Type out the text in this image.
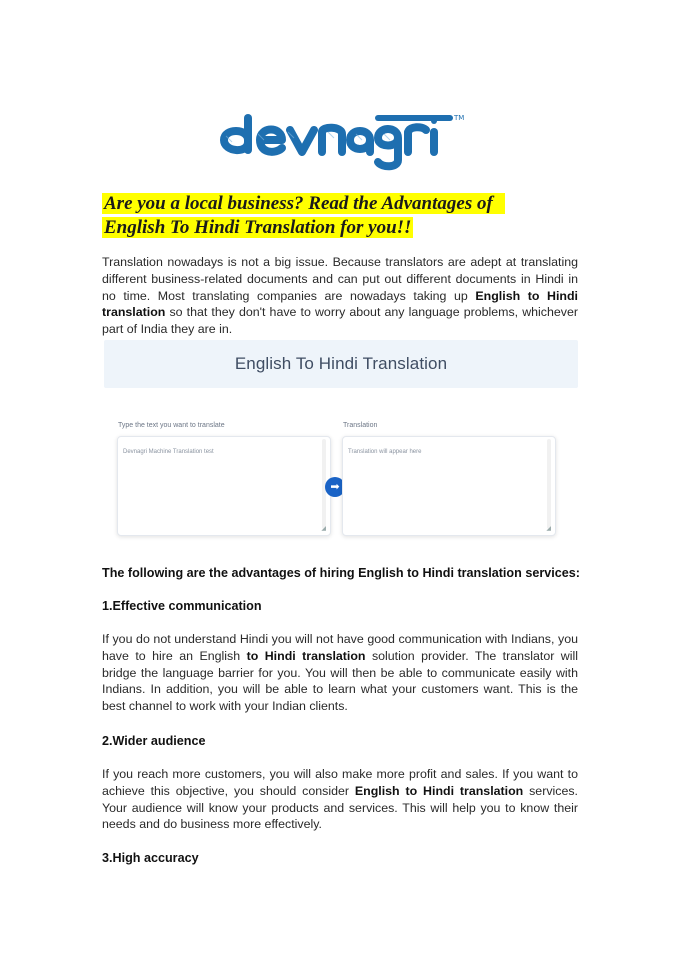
TM
Are you a local business? Read the Advantages of
English To Hindi Translation for you!!
Translation nowadays is not a big issue. Because translators are adept at translating different business-related documents and can put out different documents in Hindi in no time. Most translating companies are nowadays taking up English to Hindi translation so that they don't have to worry about any language problems, whichever part of India they are in.
English To Hindi Translation
Type the text you want to translate
Devnagri Machine Translation test
◢
➡
Translation
Translation will appear here
◢
The following are the advantages of hiring English to Hindi translation services:
1.Effective communication
If you do not understand Hindi you will not have good communication with Indians, you have to hire an English to Hindi translation solution provider. The translator will bridge the language barrier for you. You will then be able to communicate easily with Indians. In addition, you will be able to learn what your customers want. This is the best channel to work with your Indian clients.
2.Wider audience
If you reach more customers, you will also make more profit and sales. If you want to achieve this objective, you should consider English to Hindi translation services. Your audience will know your products and services. This will help you to know their needs and do business more effectively.
3.High accuracy
